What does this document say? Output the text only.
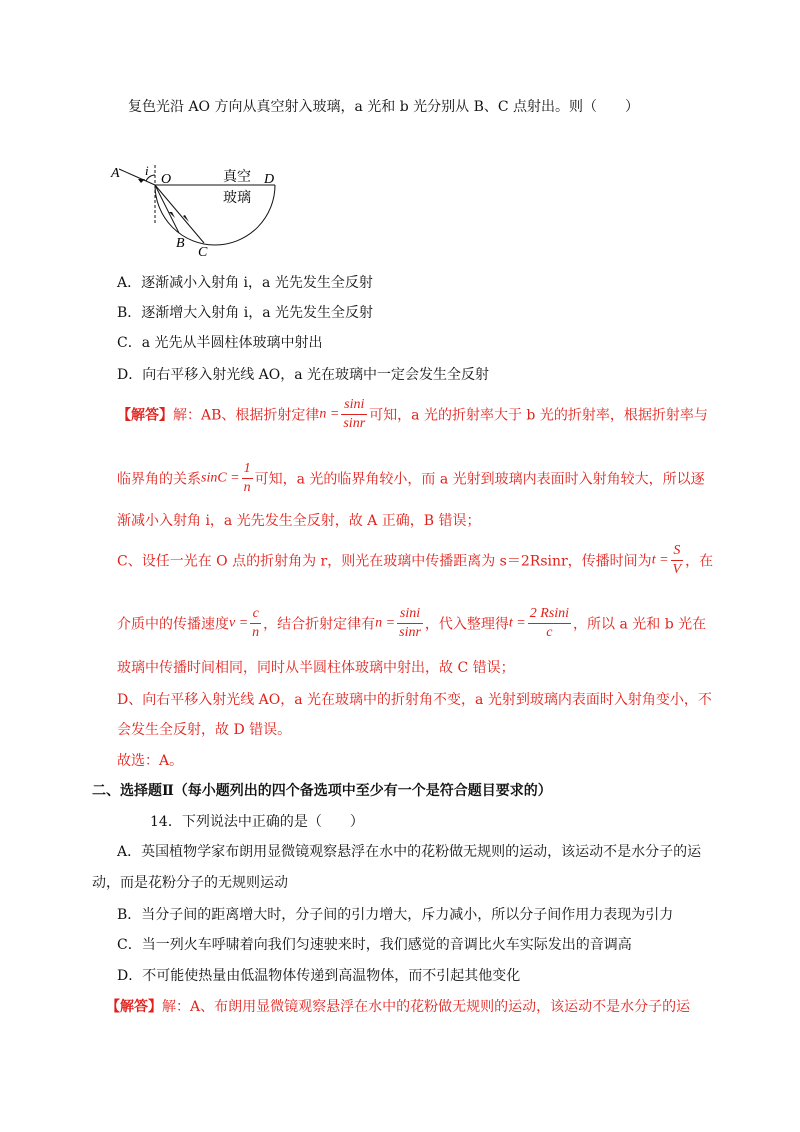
复色光沿 AO 方向从真空射入玻璃，a 光和 b 光分别从 B、C 点射出。则（　　）
A i
O	D
B
C
真空
玻璃
A．逐渐减小入射角 i，a 光先发生全反射
B．逐渐增大入射角 i，a 光先发生全反射
C．a 光先从半圆柱体玻璃中射出
D．向右平移入射光线 AO，a 光在玻璃中一定会发生全反射
【解答】解：AB、根据折射定律$n = \frac{\sin i}{\sin r}$ 可知，a 光的折射率大于 b 光的折射率，根据折射率与
临界角的关系$\sin C = \frac{1}{n}$ 可知，a 光的临界角较小，而 a 光射到玻璃内表面时入射角较大，所以逐
渐减小入射角 i，a 光先发生全反射，故 A 正确，B 错误；
C、设任一光在 O 点的折射角为 r，则光在玻璃中传播距离为 s＝2Rsinr，传播时间为$t = \frac{S}{V}$ ，在
介质中的传播速度$v = \frac{c}{n}$ ，结合折射定律有$n = \frac{\sin i}{\sin r}$ ，代入整理得$t = \frac{2 Rsini}{c}$ ，所以 a 光和 b 光在
玻璃中传播时间相同，同时从半圆柱体玻璃中射出，故 C 错误；
D、向右平移入射光线 AO，a 光在玻璃中的折射角不变，a 光射到玻璃内表面时入射角变小，不
会发生全反射，故 D 错误。
故选：A。
二、选择题Ⅱ（每小题列出的四个备选项中至少有一个是符合题目要求的）
14．下列说法中正确的是（　　）
A．英国植物学家布朗用显微镜观察悬浮在水中的花粉做无规则的运动，该运动不是水分子的运
动，而是花粉分子的无规则运动
B．当分子间的距离增大时，分子间的引力增大，斥力减小，所以分子间作用力表现为引力
C．当一列火车呼啸着向我们匀速驶来时，我们感觉的音调比火车实际发出的音调高
D．不可能使热量由低温物体传递到高温物体，而不引起其他变化
【解答】解：A、布朗用显微镜观察悬浮在水中的花粉做无规则的运动，该运动不是水分子的运
